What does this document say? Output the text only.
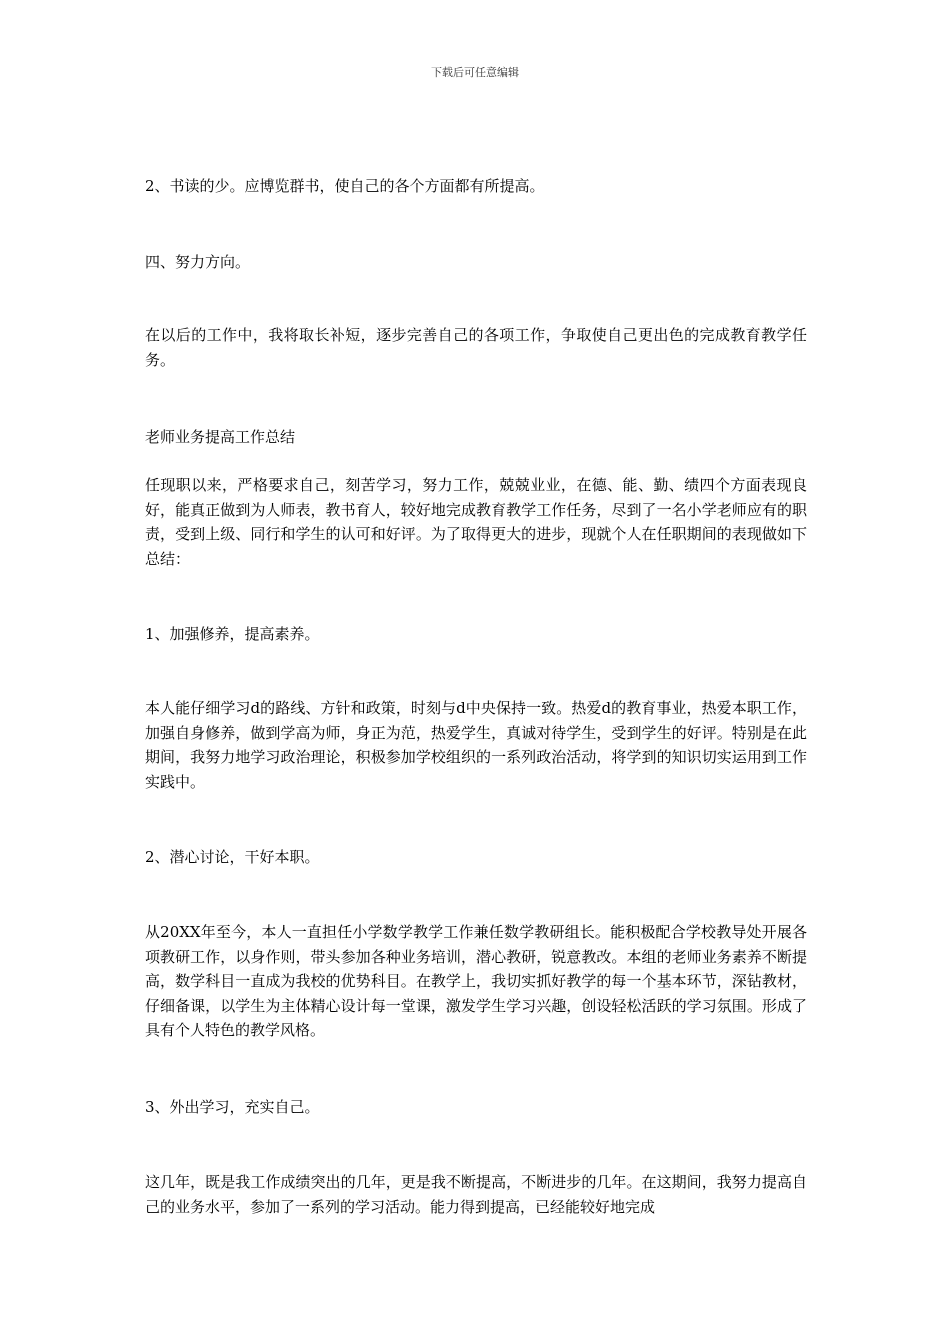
下载后可任意编辑

2、书读的少。应博览群书，使自己的各个方面都有所提高。

四、努力方向。

在以后的工作中，我将取长补短，逐步完善自己的各项工作，争取使自己更出色的完成教育教学任务。

老师业务提高工作总结

任现职以来，严格要求自己，刻苦学习，努力工作，兢兢业业，在德、能、勤、绩四个方面表现良好，能真正做到为人师表，教书育人，较好地完成教育教学工作任务，尽到了一名小学老师应有的职责，受到上级、同行和学生的认可和好评。为了取得更大的进步，现就个人在任职期间的表现做如下总结：

1、加强修养，提高素养。

本人能仔细学习d的路线、方针和政策，时刻与d中央保持一致。热爱d的教育事业，热爱本职工作，加强自身修养，做到学高为师，身正为范，热爱学生，真诚对待学生，受到学生的好评。特别是在此期间，我努力地学习政治理论，积极参加学校组织的一系列政治活动，将学到的知识切实运用到工作实践中。

2、潜心讨论，干好本职。

从20XX年至今，本人一直担任小学数学教学工作兼任数学教研组长。能积极配合学校教导处开展各项教研工作，以身作则，带头参加各种业务培训，潜心教研，锐意教改。本组的老师业务素养不断提高，数学科目一直成为我校的优势科目。在教学上，我切实抓好教学的每一个基本环节，深钻教材，仔细备课，以学生为主体精心设计每一堂课，激发学生学习兴趣，创设轻松活跃的学习氛围。形成了具有个人特色的教学风格。

3、外出学习，充实自己。

这几年，既是我工作成绩突出的几年，更是我不断提高，不断进步的几年。在这期间，我努力提高自己的业务水平，参加了一系列的学习活动。能力得到提高，已经能较好地完成
